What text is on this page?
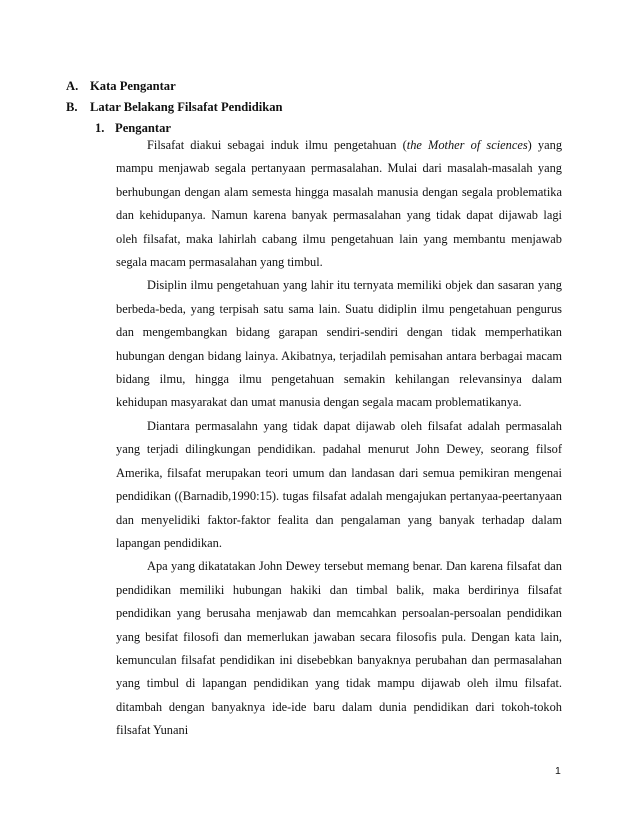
A. Kata Pengantar
B. Latar Belakang Filsafat Pendidikan
1. Pengantar

Filsafat diakui sebagai induk ilmu pengetahuan (the Mother of sciences) yang mampu menjawab segala pertanyaan permasalahan. Mulai dari masalah-masalah yang berhubungan dengan alam semesta hingga masalah manusia dengan segala problematika dan kehidupanya. Namun karena banyak permasalahan yang tidak dapat dijawab lagi oleh filsafat, maka lahirlah cabang ilmu pengetahuan lain yang membantu menjawab segala macam permasalahan yang timbul.

Disiplin ilmu pengetahuan yang lahir itu ternyata memiliki objek dan sasaran yang berbeda-beda, yang terpisah satu sama lain. Suatu didiplin ilmu pengetahuan pengurus dan mengembangkan bidang garapan sendiri-sendiri dengan tidak memperhatikan hubungan dengan bidang lainya. Akibatnya, terjadilah pemisahan antara berbagai macam bidang ilmu, hingga ilmu pengetahuan semakin kehilangan relevansinya dalam kehidupan masyarakat dan umat manusia dengan segala macam problematikanya.

Diantara permasalahn yang tidak dapat dijawab oleh filsafat adalah permasalah yang terjadi dilingkungan pendidikan. padahal menurut John Dewey, seorang filsof Amerika, filsafat merupakan teori umum dan landasan dari semua pemikiran mengenai pendidikan ((Barnadib,1990:15). tugas filsafat adalah mengajukan pertanyaa-peertanyaan dan menyelidiki faktor-faktor fealita dan pengalaman yang banyak terhadap dalam lapangan pendidikan.

Apa yang dikatatakan John Dewey tersebut memang benar. Dan karena filsafat dan pendidikan memiliki hubungan hakiki dan timbal balik, maka berdirinya filsafat pendidikan yang berusaha menjawab dan memcahkan persoalan-persoalan pendidikan yang besifat filosofi dan memerlukan jawaban secara filosofis pula. Dengan kata lain, kemunculan filsafat pendidikan ini disebebkan banyaknya perubahan dan permasalahan yang timbul di lapangan pendidikan yang tidak mampu dijawab oleh ilmu filsafat. ditambah dengan banyaknya ide-ide baru dalam dunia pendidikan dari tokoh-tokoh filsafat Yunani

1
